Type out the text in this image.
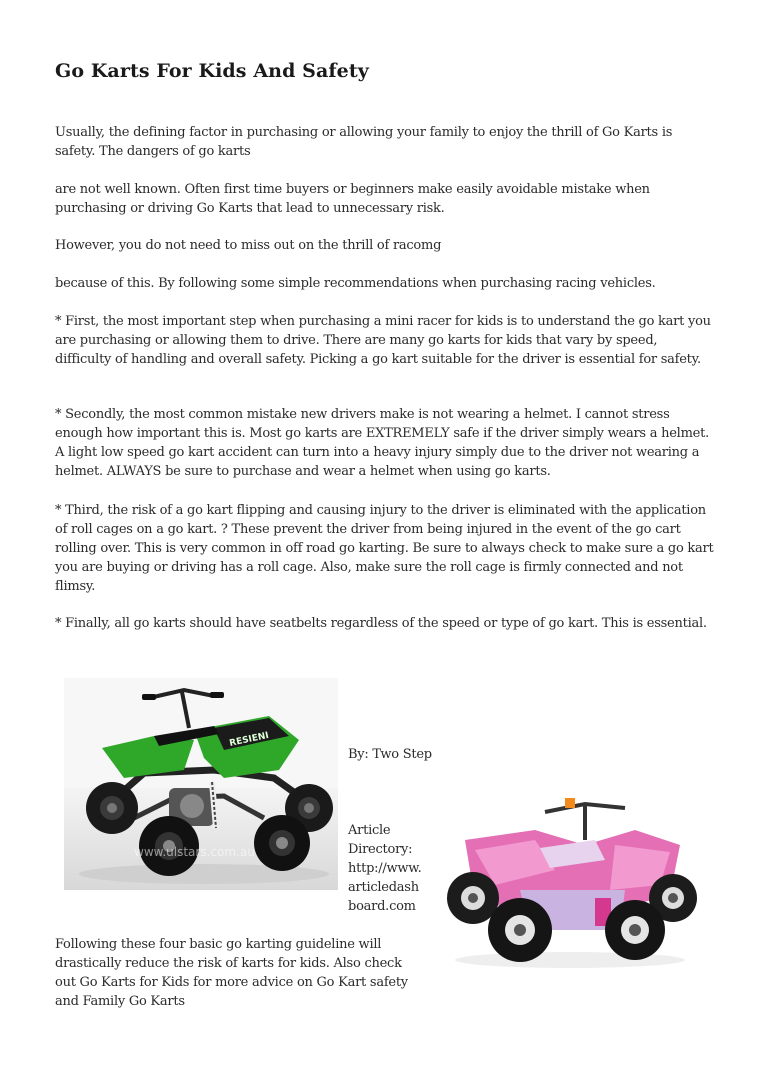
Go Karts For Kids And Safety

Usually, the defining factor in purchasing or allowing your family to enjoy the thrill of Go Karts is safety. The dangers of go karts

are not well known. Often first time buyers or beginners make easily avoidable mistake when purchasing or driving Go Karts that lead to unnecessary risk.

However, you do not need to miss out on the thrill of racomg

because of this. By following some simple recommendations when purchasing racing vehicles.

* First, the most important step when purchasing a mini racer for kids is to understand the go kart you are purchasing or allowing them to drive. There are many go karts for kids that vary by speed, difficulty of handling and overall safety. Picking a go kart suitable for the driver is essential for safety.

* Secondly, the most common mistake new drivers make is not wearing a helmet. I cannot stress enough how important this is. Most go karts are EXTREMELY safe if the driver simply wears a helmet. A light low speed go kart accident can turn into a heavy injury simply due to the driver not wearing a helmet. ALWAYS be sure to purchase and wear a helmet when using go karts.

* Third, the risk of a go kart flipping and causing injury to the driver is eliminated with the application of roll cages on a go kart. ? These prevent the driver from being injured in the event of the go cart rolling over. This is very common in off road go karting. Be sure to always check to make sure a go kart you are buying or driving has a roll cage. Also, make sure the roll cage is firmly connected and not flimsy.

* Finally, all go karts should have seatbelts regardless of the speed or type of go kart. This is essential.

RESIENI
www.ulstars.com.au

By: Two Step

Article Directory:

http://www.

articledash

board.com

Following these four basic go karting guideline will drastically reduce the risk of karts for kids. Also check out Go Karts for Kids for more advice on Go Kart safety and Family Go Karts
